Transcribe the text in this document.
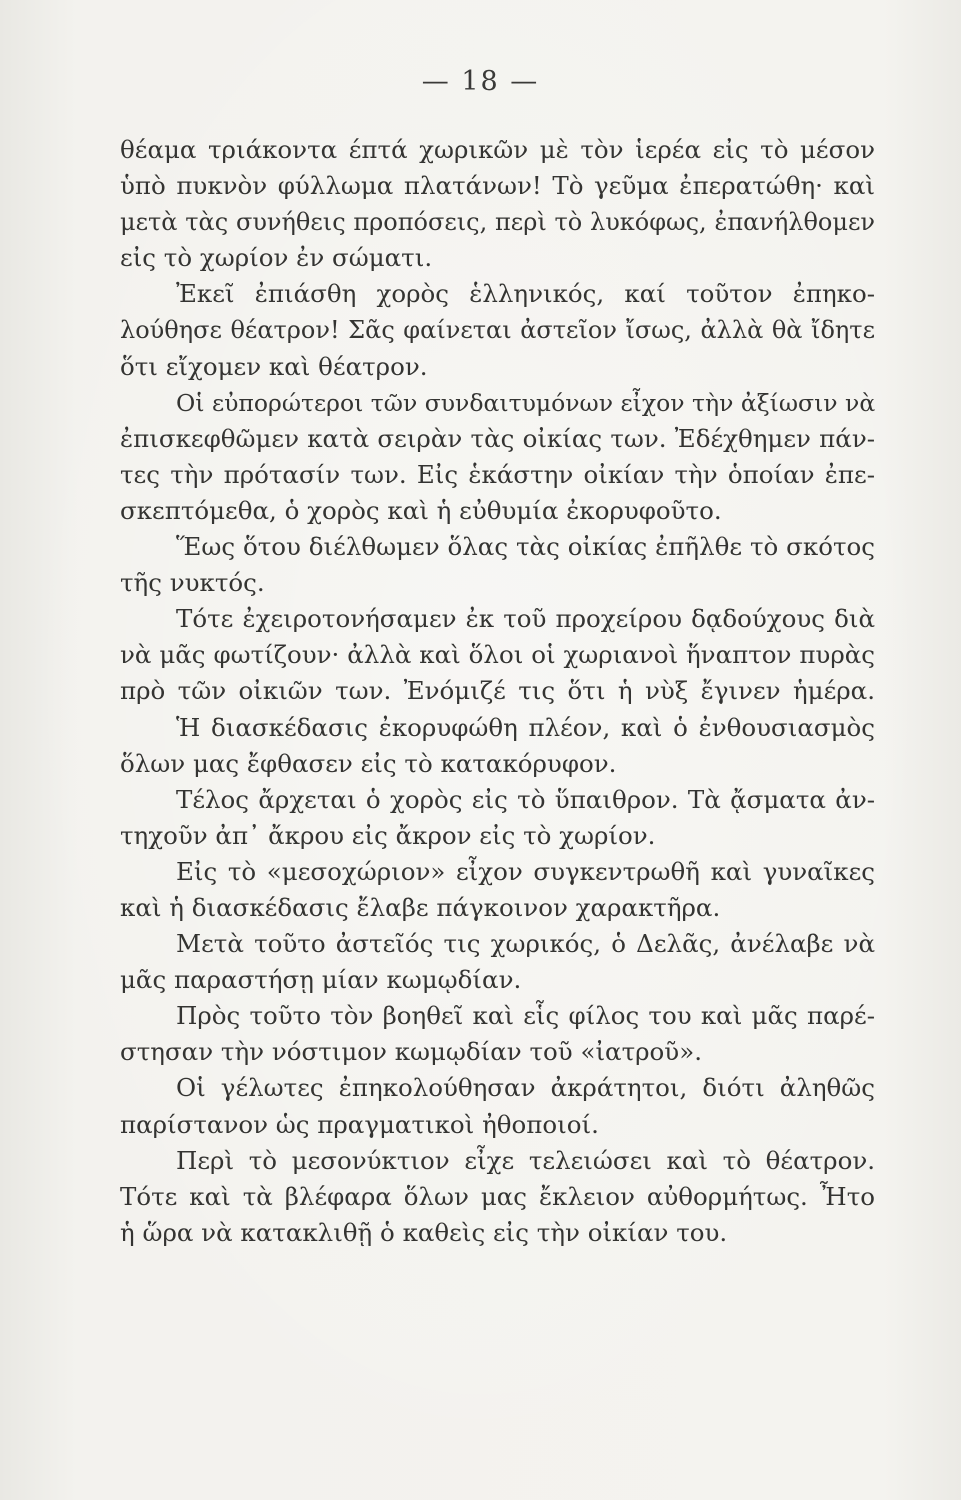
— 18 —
θέαμα τριάκοντα έπτά χωρικῶν μὲ τὸν ἱερέα εἰς τὸ μέσον
ὑπὸ πυκνὸν φύλλωμα πλατάνων! Τὸ γεῦμα ἐπερατώθη· καὶ
μετὰ τὰς συνήθεις προπόσεις, περὶ τὸ λυκόφως, ἐπανήλθομεν
εἰς τὸ χωρίον ἐν σώματι.
Ἐκεῖ ἐπιάσθη χορὸς ἑλληνικός, καί τοῦτον ἐπηκο-
λούθησε θέατρον! Σᾶς φαίνεται ἀστεῖον ἴσως, ἀλλὰ θὰ ἴδητε
ὅτι εἴχομεν καὶ θέατρον.
Οἱ εὐπορώτεροι τῶν συνδαιτυμόνων εἶχον τὴν ἀξίωσιν νὰ
ἐπισκεφθῶμεν κατὰ σειρὰν τὰς οἰκίας των. Ἐδέχθημεν πάν-
τες τὴν πρότασίν των. Εἰς ἑκάστην οἰκίαν τὴν ὁποίαν ἐπε-
σκεπτόμεθα, ὁ χορὸς καὶ ἡ εὐθυμία ἐκορυφοῦτο.
Ἕως ὅτου διέλθωμεν ὅλας τὰς οἰκίας ἐπῆλθε τὸ σκότος
τῆς νυκτός.
Τότε ἐχειροτονήσαμεν ἐκ τοῦ προχείρου δᾳδούχους διὰ
νὰ μᾶς φωτίζουν· ἀλλὰ καὶ ὅλοι οἱ χωριανοὶ ἥναπτον πυρὰς
πρὸ τῶν οἰκιῶν των. Ἐνόμιζέ τις ὅτι ἡ νὺξ ἔγινεν ἡμέρα.
Ἡ διασκέδασις ἐκορυφώθη πλέον, καὶ ὁ ἐνθουσιασμὸς
ὅλων μας ἔφθασεν εἰς τὸ κατακόρυφον.
Τέλος ἄρχεται ὁ χορὸς εἰς τὸ ὕπαιθρον. Τὰ ᾄσματα ἀν-
τηχοῦν ἀπ᾽ ἄκρου εἰς ἄκρον εἰς τὸ χωρίον.
Εἰς τὸ «μεσοχώριον» εἶχον συγκεντρωθῆ καὶ γυναῖκες
καὶ ἡ διασκέδασις ἔλαβε πάγκοινον χαρακτῆρα.
Μετὰ τοῦτο ἀστεῖός τις χωρικός, ὁ Δελᾶς, ἀνέλαβε νὰ
μᾶς παραστήσῃ μίαν κωμῳδίαν.
Πρὸς τοῦτο τὸν βοηθεῖ καὶ εἷς φίλος του καὶ μᾶς παρέ-
στησαν τὴν νόστιμον κωμῳδίαν τοῦ «ἰατροῦ».
Οἱ γέλωτες ἐπηκολούθησαν ἀκράτητοι, διότι ἀληθῶς
παρίστανον ὡς πραγματικοὶ ἠθοποιοί.
Περὶ τὸ μεσονύκτιον εἶχε τελειώσει καὶ τὸ θέατρον.
Τότε καὶ τὰ βλέφαρα ὅλων μας ἔκλειον αὐθορμήτως. Ἦτο
ἡ ὥρα νὰ κατακλιθῇ ὁ καθεὶς εἰς τὴν οἰκίαν του.
